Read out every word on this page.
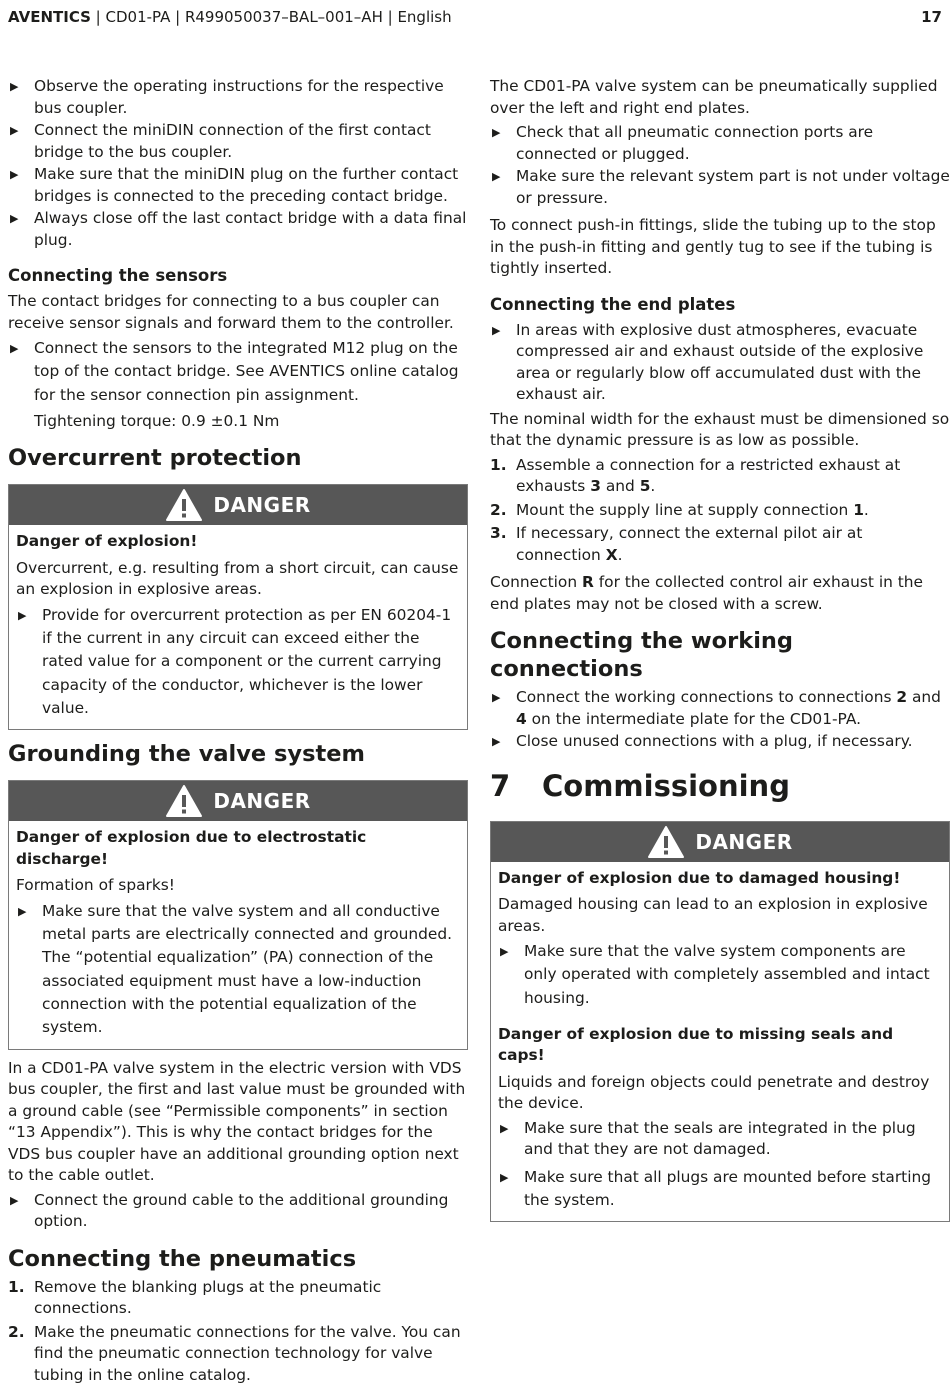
AVENTICS | CD01-PA | R499050037–BAL–001–AH | English	17
▶ Observe the operating instructions for the respective bus coupler.
▶ Connect the miniDIN connection of the first contact bridge to the bus coupler.
▶ Make sure that the miniDIN plug on the further contact bridges is connected to the preceding contact bridge.
▶ Always close off the last contact bridge with a data final plug.
Connecting the sensors

The contact bridges for connecting to a bus coupler can receive sensor signals and forward them to the controller.

▶ Connect the sensors to the integrated M12 plug on the top of the contact bridge. See AVENTICS online catalog for the sensor connection pin assignment.

Tightening torque: 0.9 ±0.1 Nm

Overcurrent protection
DANGER
Danger of explosion!

Overcurrent, e.g. resulting from a short circuit, can cause an explosion in explosive areas.

▶ Provide for overcurrent protection as per EN 60204-1 if the current in any circuit can exceed either the rated value for a component or the current carrying capacity of the conductor, whichever is the lower value.
Grounding the valve system
DANGER
Danger of explosion due to electrostatic discharge!

Formation of sparks!

▶ Make sure that the valve system and all conductive metal parts are electrically connected and grounded. The “potential equalization” (PA) connection of the associated equipment must have a low-induction connection with the potential equalization of the system.

In a CD01-PA valve system in the electric version with VDS bus coupler, the first and last value must be grounded with a ground cable (see “Permissible components” in section “13 Appendix”). This is why the contact bridges for the VDS bus coupler have an additional grounding option next to the cable outlet.

▶ Connect the ground cable to the additional grounding option.
Connecting the pneumatics
1. Remove the blanking plugs at the pneumatic connections.
2. Make the pneumatic connections for the valve. You can find the pneumatic connection technology for valve tubing in the online catalog.

The CD01-PA valve system can be pneumatically supplied over the left and right end plates.

▶ Check that all pneumatic connection ports are connected or plugged.
▶ Make sure the relevant system part is not under voltage or pressure.

To connect push-in fittings, slide the tubing up to the stop in the push-in fitting and gently tug to see if the tubing is tightly inserted.

Connecting the end plates
▶ In areas with explosive dust atmospheres, evacuate compressed air and exhaust outside of the explosive area or regularly blow off accumulated dust with the exhaust air.

The nominal width for the exhaust must be dimensioned so that the dynamic pressure is as low as possible.

1. Assemble a connection for a restricted exhaust at exhausts 3 and 5.
2. Mount the supply line at supply connection 1.
3. If necessary, connect the external pilot air at connection X.

Connection R for the collected control air exhaust in the end plates may not be closed with a screw.

Connecting the working connections
▶ Connect the working connections to connections 2 and 4 on the intermediate plate for the CD01-PA.
▶ Close unused connections with a plug, if necessary.
7 Commissioning
DANGER
Danger of explosion due to damaged housing!

Damaged housing can lead to an explosion in explosive areas.

▶ Make sure that the valve system components are only operated with completely assembled and intact housing.
Danger of explosion due to missing seals and caps!

Liquids and foreign objects could penetrate and destroy the device.

▶ Make sure that the seals are integrated in the plug and that they are not damaged.
▶ Make sure that all plugs are mounted before starting the system.
